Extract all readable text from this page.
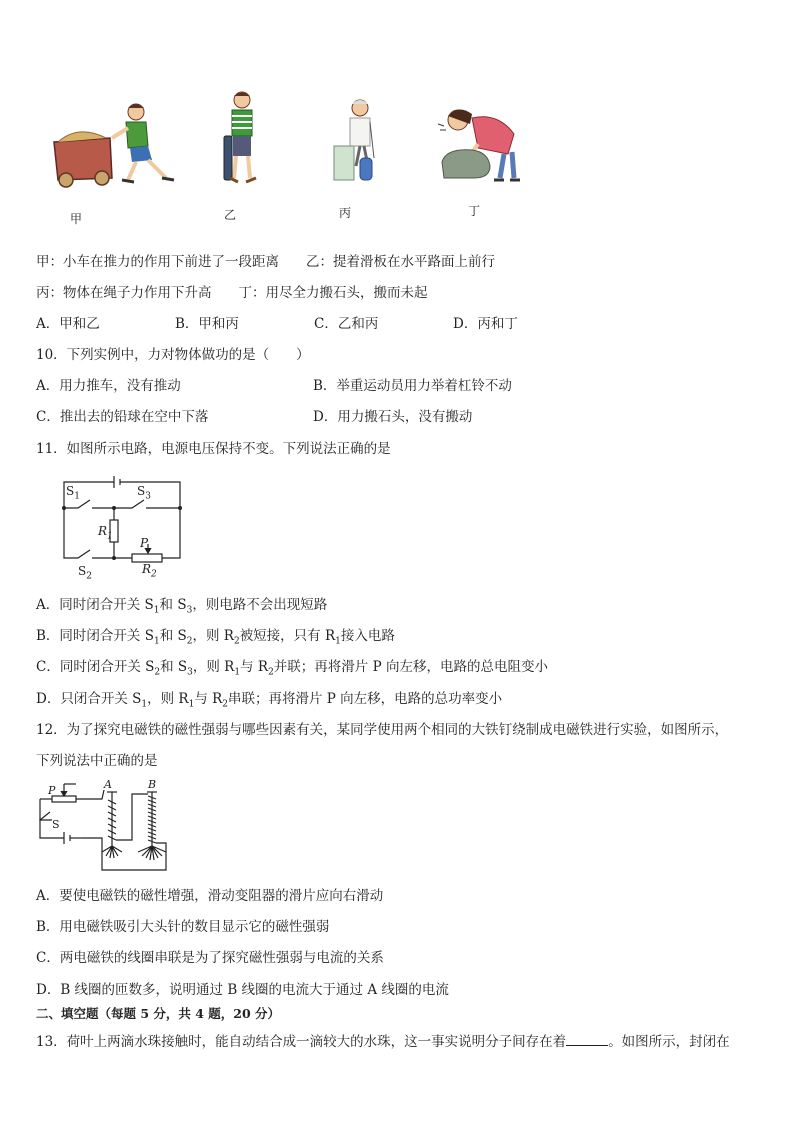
甲	乙	丙	丁
甲：小车在推力的作用下前进了一段距离　　乙：提着滑板在水平路面上前行
丙：物体在绳子力作用下升高　　丁：用尽全力搬石头，搬而未起
A．甲和乙	B．甲和丙	C．乙和丙	D．丙和丁
10．下列实例中，力对物体做功的是（　　）
A．用力推车，没有推动	B．举重运动员用力举着杠铃不动
C．推出去的铅球在空中下落	D．用力搬石头，没有搬动
11．如图所示电路，电源电压保持不变。下列说法正确的是
$S_1$	$S_3$
$R_1$ P
$S_2$
$R_2$
A．同时闭合开关 $S_1$和 $S_3$，则电路不会出现短路
B．同时闭合开关 $S_1$和 $S_2$，则 $R_2$被短接，只有 $R_1$接入电路
C．同时闭合开关 $S_2$和 $S_3$，则 $R_1$与 $R_2$并联；再将滑片 P 向左移，电路的总电阻变小
D．只闭合开关 $S_1$，则 $R_1$与 $R_2$串联；再将滑片 P 向左移，电路的总功率变小
12．为了探究电磁铁的磁性强弱与哪些因素有关，某同学使用两个相同的大铁钉绕制成电磁铁进行实验，如图所示，
下列说法中正确的是
P
S
A	B
A．要使电磁铁的磁性增强，滑动变阻器的滑片应向右滑动
B．用电磁铁吸引大头针的数目显示它的磁性强弱
C．两电磁铁的线圈串联是为了探究磁性强弱与电流的关系
D．B 线圈的匝数多，说明通过 B 线圈的电流大于通过 A 线圈的电流
二、填空题（每题 5 分，共 4 题，20 分）
13．荷叶上两滴水珠接触时，能自动结合成一滴较大的水珠，这一事实说明分子间存在着	。如图所示，封闭在
